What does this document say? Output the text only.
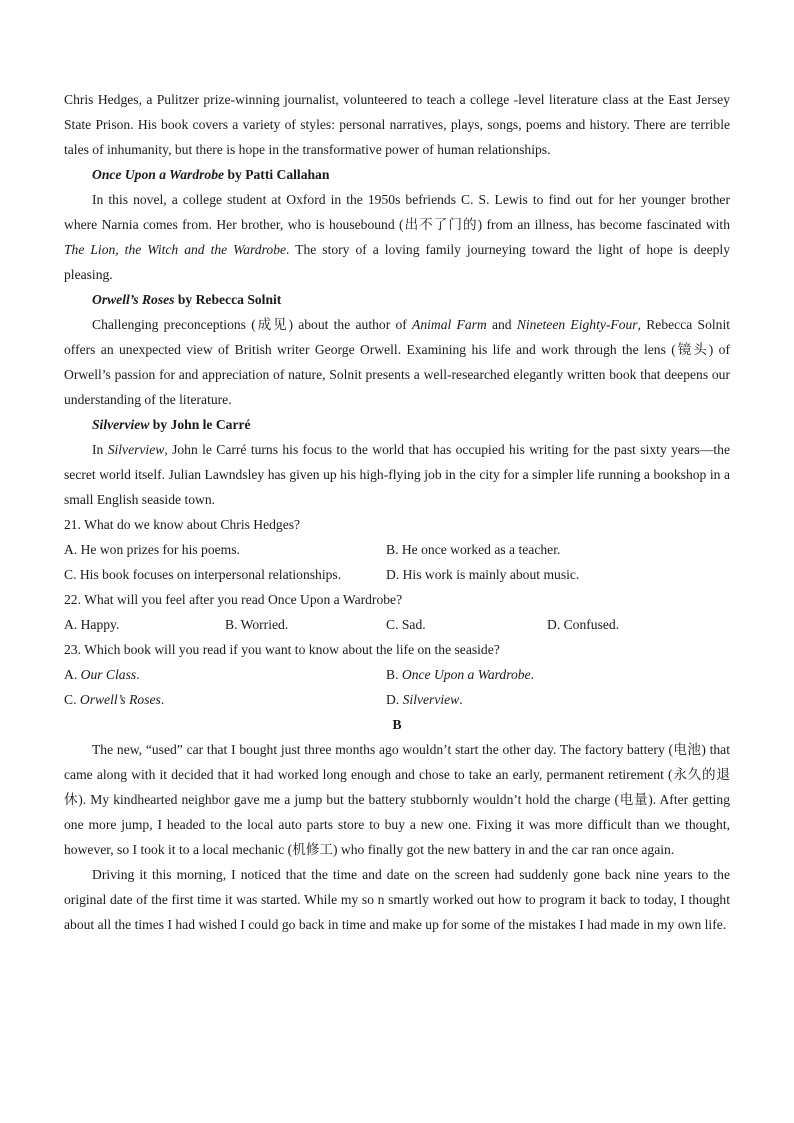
Chris Hedges, a Pulitzer prize-winning journalist, volunteered to teach a college -level literature class at the East Jersey State Prison. His book covers a variety of styles: personal narratives, plays, songs, poems and history. There are terrible tales of inhumanity, but there is hope in the transformative power of human relationships.

Once Upon a Wardrobe by Patti Callahan

In this novel, a college student at Oxford in the 1950s befriends C. S. Lewis to find out for her younger brother where Narnia comes from. Her brother, who is housebound (出不了门的) from an illness, has become fascinated with The Lion, the Witch and the Wardrobe. The story of a loving family journeying toward the light of hope is deeply pleasing.

Orwell’s Roses by Rebecca Solnit

Challenging preconceptions (成见) about the author of Animal Farm and Nineteen Eighty-Four, Rebecca Solnit offers an unexpected view of British writer George Orwell. Examining his life and work through the lens (镜头) of Orwell’s passion for and appreciation of nature, Solnit presents a well-researched elegantly written book that deepens our understanding of the literature.

Silverview by John le Carré

In Silverview, John le Carré turns his focus to the world that has occupied his writing for the past sixty years—the secret world itself. Julian Lawndsley has given up his high-flying job in the city for a simpler life running a bookshop in a small English seaside town.

21. What do we know about Chris Hedges?

A. He won prizes for his poems.	B. He once worked as a teacher.
C. His book focuses on interpersonal relationships.	D. His work is mainly about music.

22. What will you feel after you read Once Upon a Wardrobe?

A. Happy.	B. Worried.	C. Sad.	D. Confused.

23. Which book will you read if you want to know about the life on the seaside?

A. Our Class.	B. Once Upon a Wardrobe.
C. Orwell’s Roses.	D. Silverview.

B

The new, “used” car that I bought just three months ago wouldn’t start the other day. The factory battery (电池) that came along with it decided that it had worked long enough and chose to take an early, permanent retirement (永久的退休). My kindhearted neighbor gave me a jump but the battery stubbornly wouldn’t hold the charge (电量). After getting one more jump, I headed to the local auto parts store to buy a new one. Fixing it was more difficult than we thought, however, so I took it to a local mechanic (机修工) who finally got the new battery in and the car ran once again.

Driving it this morning, I noticed that the time and date on the screen had suddenly gone back nine years to the original date of the first time it was started. While my so n smartly worked out how to program it back to today, I thought about all the times I had wished I could go back in time and make up for some of the mistakes I had made in my own life.
